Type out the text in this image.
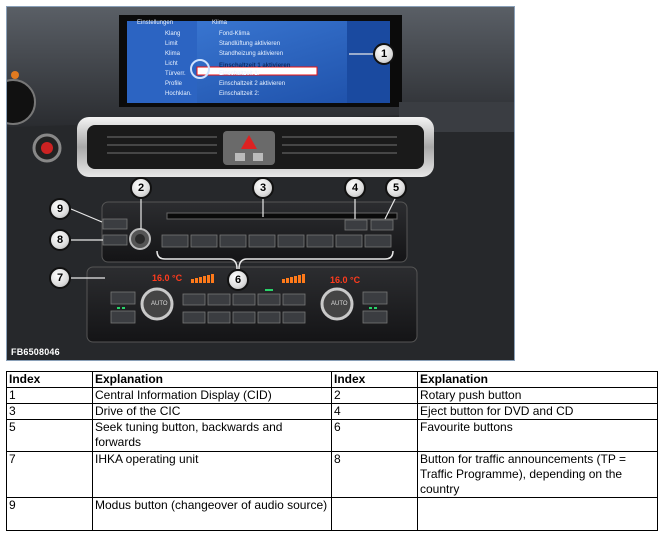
Einstellungen	Klima
Klang
Limit
Klima
Licht
Türverr.
Profile
Hochklan.
Fond-Klima
Standlüftung aktivieren
Standheizung aktivieren
Einschaltzeit 1 aktivieren
Einschaltzeit 1:
Einschaltzeit 2 aktivieren
Einschaltzeit 2:
16.0 °C	16.0 °C
AUTO	AUTO
1
2	3	4	5
6
7
8
9
FB6508046
Index	Explanation	Index	Explanation
1	Central Information Display (CID)	2	Rotary push button
3	Drive of the CIC	4	Eject button for DVD and CD
5	Seek tuning button, backwards and forwards	6	Favourite buttons
7	IHKA operating unit	8	Button for traffic announcements (TP = Traffic Programme), depending on the country
9	Modus button (changeover of audio source)		
